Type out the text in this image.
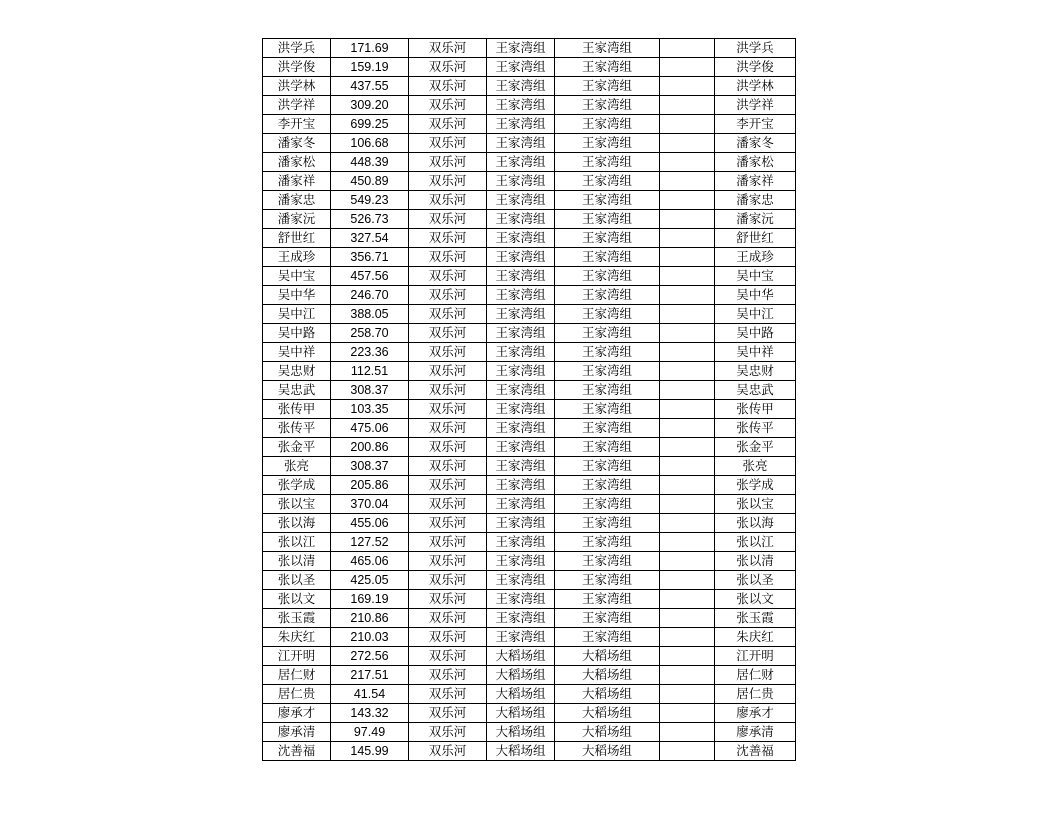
洪学兵	171.69	双乐河	王家湾组	王家湾组		洪学兵
洪学俊	159.19	双乐河	王家湾组	王家湾组		洪学俊
洪学林	437.55	双乐河	王家湾组	王家湾组		洪学林
洪学祥	309.20	双乐河	王家湾组	王家湾组		洪学祥
李开宝	699.25	双乐河	王家湾组	王家湾组		李开宝
潘家冬	106.68	双乐河	王家湾组	王家湾组		潘家冬
潘家松	448.39	双乐河	王家湾组	王家湾组		潘家松
潘家祥	450.89	双乐河	王家湾组	王家湾组		潘家祥
潘家忠	549.23	双乐河	王家湾组	王家湾组		潘家忠
潘家沅	526.73	双乐河	王家湾组	王家湾组		潘家沅
舒世红	327.54	双乐河	王家湾组	王家湾组		舒世红
王成珍	356.71	双乐河	王家湾组	王家湾组		王成珍
吴中宝	457.56	双乐河	王家湾组	王家湾组		吴中宝
吴中华	246.70	双乐河	王家湾组	王家湾组		吴中华
吴中江	388.05	双乐河	王家湾组	王家湾组		吴中江
吴中路	258.70	双乐河	王家湾组	王家湾组		吴中路
吴中祥	223.36	双乐河	王家湾组	王家湾组		吴中祥
吴忠财	112.51	双乐河	王家湾组	王家湾组		吴忠财
吴忠武	308.37	双乐河	王家湾组	王家湾组		吴忠武
张传甲	103.35	双乐河	王家湾组	王家湾组		张传甲
张传平	475.06	双乐河	王家湾组	王家湾组		张传平
张金平	200.86	双乐河	王家湾组	王家湾组		张金平
张亮	308.37	双乐河	王家湾组	王家湾组		张亮
张学成	205.86	双乐河	王家湾组	王家湾组		张学成
张以宝	370.04	双乐河	王家湾组	王家湾组		张以宝
张以海	455.06	双乐河	王家湾组	王家湾组		张以海
张以江	127.52	双乐河	王家湾组	王家湾组		张以江
张以清	465.06	双乐河	王家湾组	王家湾组		张以清
张以圣	425.05	双乐河	王家湾组	王家湾组		张以圣
张以文	169.19	双乐河	王家湾组	王家湾组		张以文
张玉霞	210.86	双乐河	王家湾组	王家湾组		张玉霞
朱庆红	210.03	双乐河	王家湾组	王家湾组		朱庆红
江开明	272.56	双乐河	大稻场组	大稻场组		江开明
居仁财	217.51	双乐河	大稻场组	大稻场组		居仁财
居仁贵	41.54	双乐河	大稻场组	大稻场组		居仁贵
廖承才	143.32	双乐河	大稻场组	大稻场组		廖承才
廖承清	97.49	双乐河	大稻场组	大稻场组		廖承清
沈善福	145.99	双乐河	大稻场组	大稻场组		沈善福
